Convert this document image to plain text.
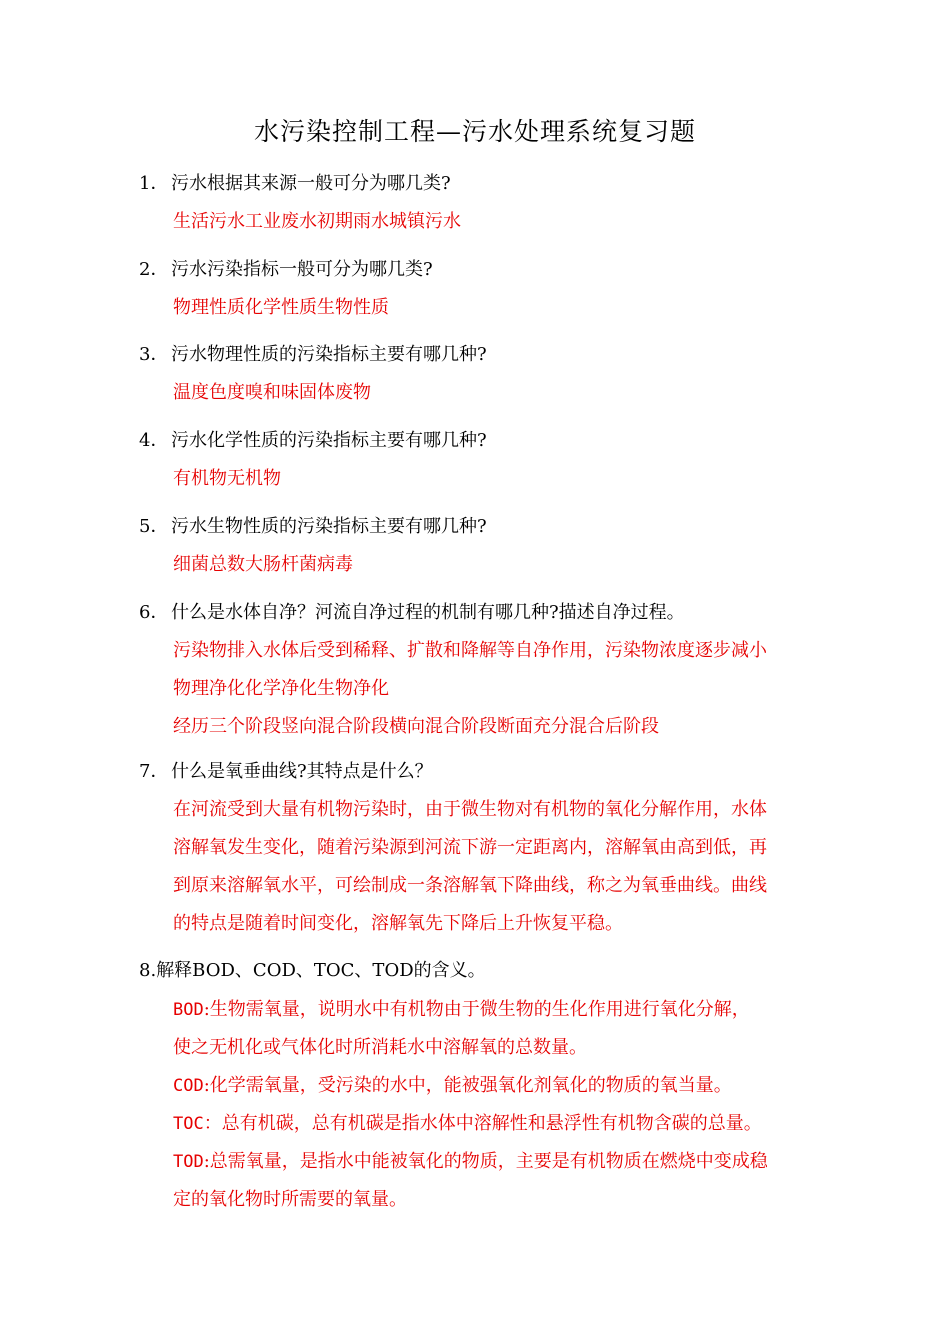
水污染控制工程—污水处理系统复习题
1． 污水根据其来源一般可分为哪几类?
生活污水工业废水初期雨水城镇污水
2． 污水污染指标一般可分为哪几类?
物理性质化学性质生物性质
3． 污水物理性质的污染指标主要有哪几种?
温度色度嗅和味固体废物
4． 污水化学性质的污染指标主要有哪几种?
有机物无机物
5． 污水生物性质的污染指标主要有哪几种?
细菌总数大肠杆菌病毒
6． 什么是水体自净？河流自净过程的机制有哪几种?描述自净过程。
污染物排入水体后受到稀释、扩散和降解等自净作用，污染物浓度逐步减小
物理净化化学净化生物净化
经历三个阶段竖向混合阶段横向混合阶段断面充分混合后阶段
7． 什么是氧垂曲线?其特点是什么？
在河流受到大量有机物污染时，由于微生物对有机物的氧化分解作用，水体
溶解氧发生变化，随着污染源到河流下游一定距离内，溶解氧由高到低，再
到原来溶解氧水平，可绘制成一条溶解氧下降曲线，称之为氧垂曲线。曲线
的特点是随着时间变化，溶解氧先下降后上升恢复平稳。
8.解释BOD、COD、TOC、TOD的含义。
BOD:生物需氧量，说明水中有机物由于微生物的生化作用进行氧化分解，
使之无机化或气体化时所消耗水中溶解氧的总数量。
COD:化学需氧量，受污染的水中，能被强氧化剂氧化的物质的氧当量。
TOC：总有机碳，总有机碳是指水体中溶解性和悬浮性有机物含碳的总量。
TOD:总需氧量，是指水中能被氧化的物质，主要是有机物质在燃烧中变成稳
定的氧化物时所需要的氧量。
